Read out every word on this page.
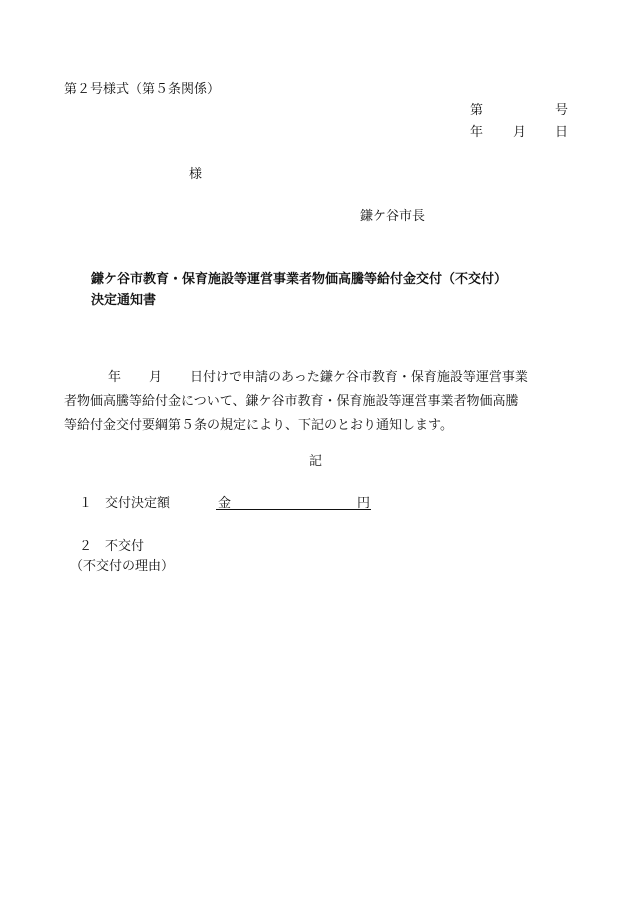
第２号様式（第５条関係）
第	号
年 月 日
様
鎌ケ谷市長
鎌ケ谷市教育・保育施設等運営事業者物価高騰等給付金交付（不交付）
決定通知書
年 月 日付けで申請のあった鎌ケ谷市教育・保育施設等運営事業
者物価高騰等給付金について、鎌ケ谷市教育・保育施設等運営事業者物価高騰
等給付金交付要綱第５条の規定により、下記のとおり通知します。
記
１ 交付決定額	金	円
２ 不交付
（不交付の理由）
